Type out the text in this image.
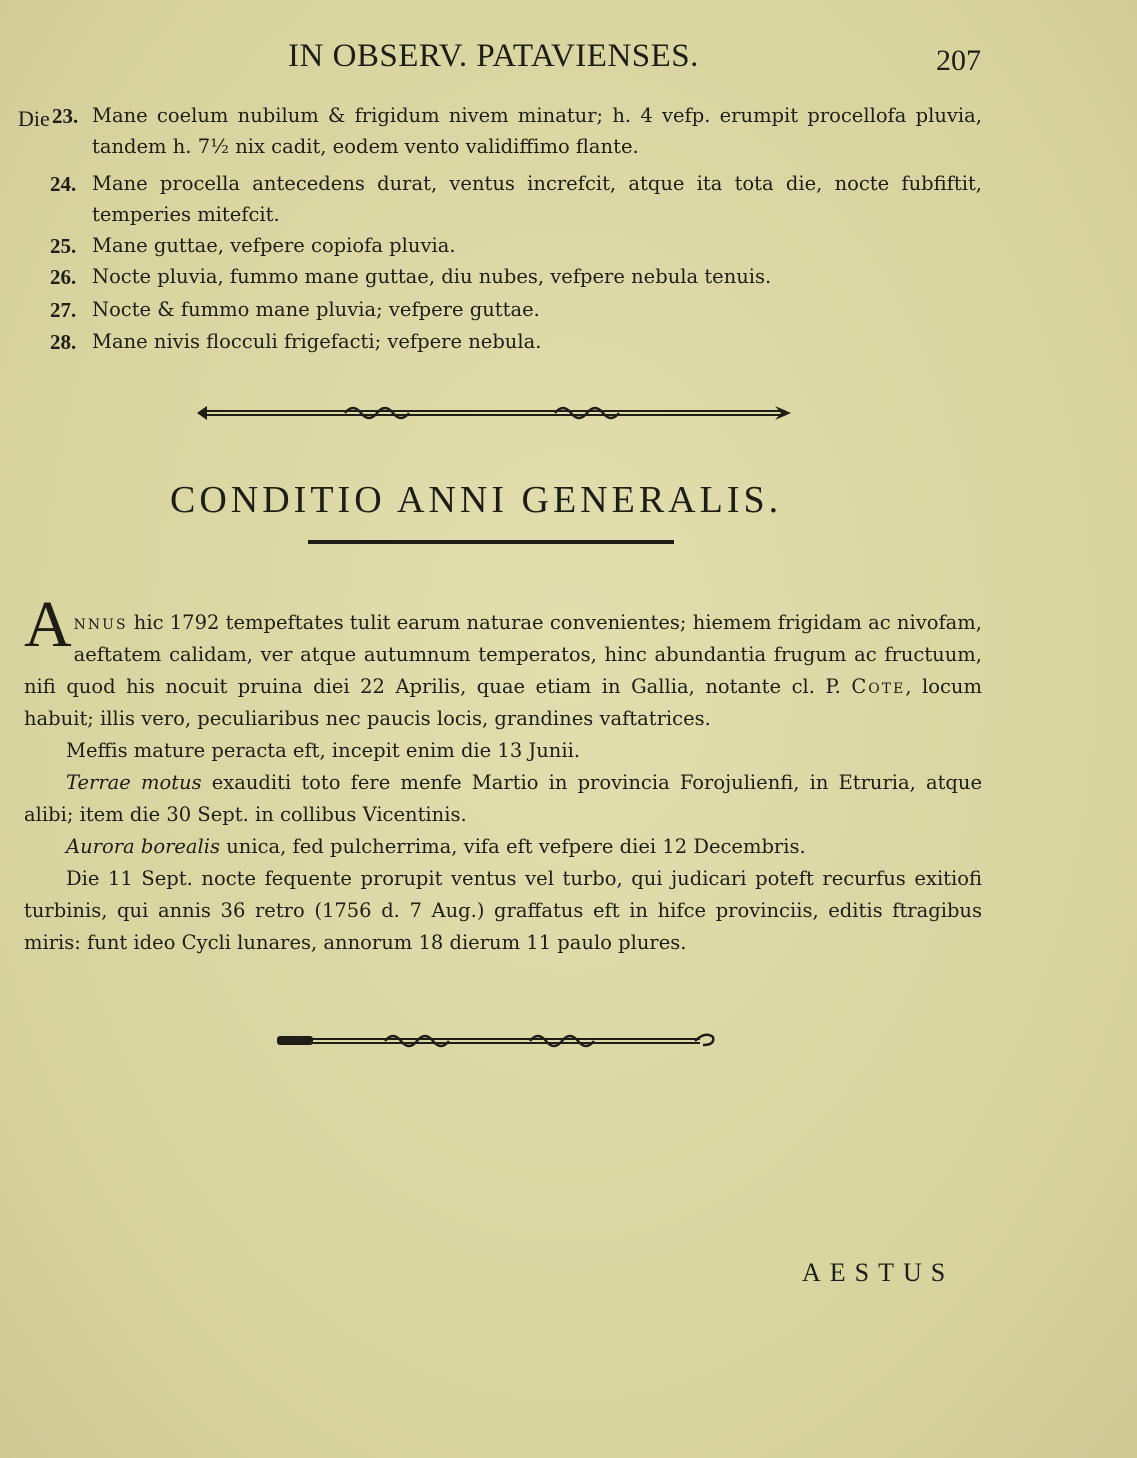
IN OBSERV. PATAVIENSES.	207
Die 23. Mane coelum nubilum & frigidum nivem minatur; h. 4 vefp. erumpit procellofa pluvia, tandem h. 7½ nix cadit, eodem vento validiffimo flante.
24. Mane procella antecedens durat, ventus increfcit, atque ita tota die, nocte fubfiftit, temperies mitefcit.
25. Mane guttae, vefpere copiofa pluvia.
26. Nocte pluvia, fummo mane guttae, diu nubes, vefpere nebula tenuis.
27. Nocte & fummo mane pluvia; vefpere guttae.
28. Mane nivis flocculi frigefacti; vefpere nebula.
CONDITIO ANNI GENERALIS.

Annus hic 1792 tempeftates tulit earum naturae convenientes; hiemem frigidam ac nivofam, aeftatem calidam, ver atque autumnum temperatos, hinc abundantia frugum ac fructuum, nifi quod his nocuit pruina diei 22 Aprilis, quae etiam in Gallia, notante cl. P. Cote, locum habuit; illis vero, peculiaribus nec paucis locis, grandines vaftatrices.

Meffis mature peracta eft, incepit enim die 13 Junii.

Terrae motus exauditi toto fere menfe Martio in provincia Forojulienfi, in Etruria, atque alibi; item die 30 Sept. in collibus Vicentinis.

Aurora borealis unica, fed pulcherrima, vifa eft vefpere diei 12 Decembris.

Die 11 Sept. nocte fequente prorupit ventus vel turbo, qui judicari poteft recurfus exitiofi turbinis, qui annis 36 retro (1756 d. 7 Aug.) graffatus eft in hifce provinciis, editis ftragibus miris: funt ideo Cycli lunares, annorum 18 dierum 11 paulo plures.

AESTUS
